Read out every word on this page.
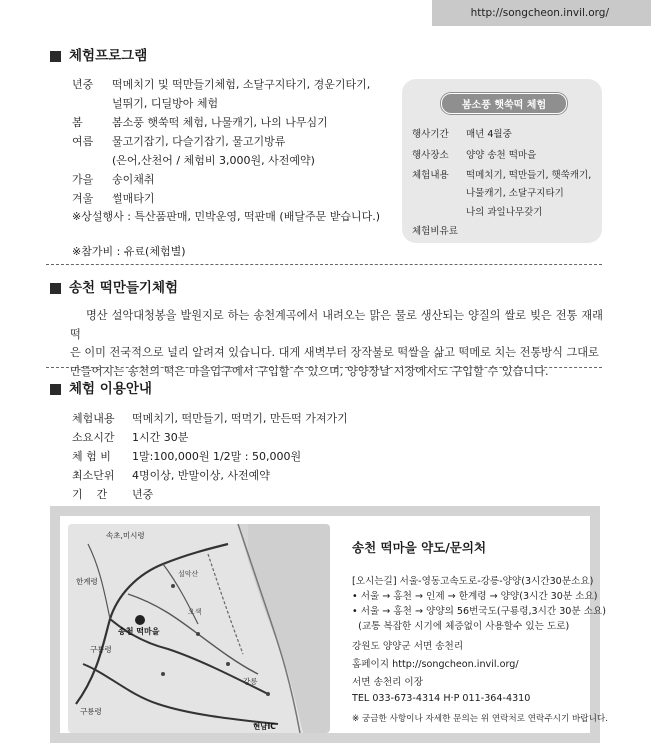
http://songcheon.invil.org/
체험프로그램
년중 떡메치기 및 떡만들기체험, 소달구지타기, 경운기타기,
널뛰기, 디딜방아 체험
봄	봄소풍 햇쑥떡 체험, 나물캐기, 나의 나무심기
여름 물고기잡기, 다슬기잡기, 물고기방류
(은어,산천어 / 체험비 3,000원, 사전예약)
가을 송이채취
겨울 썰매타기
※상설행사 : 특산품판매, 민박운영, 떡판매 (배달주문 받습니다.)
※참가비 : 유료(체험별)
봄소풍 햇쑥떡 체험
행사기간 매년 4월중
행사장소 양양 송천 떡마을
체험내용 떡메치기, 떡만들기, 햇쑥캐기,
나물캐기, 소달구지타기
나의 과일나무갖기
체험비유료
송천 떡만들기체험
명산 설악대청봉을 발원지로 하는 송천계곡에서 내려오는 맑은 물로 생산되는 양질의 쌀로 빚은 전통 재래떡
은 이미 전국적으로 널리 알려져 있습니다. 대게 새벽부터 장작불로 떡쌀을 삶고 떡메로 치는 전통방식 그대로
만들어지는 송천의 떡은 마을입구에서 구입할 수 있으며, 양양장날 시장에서도 구입할 수 있습니다.
체험 이용안내
체험내용 떡메치기, 떡만들기, 떡먹기, 만든떡 가져가기
소요시간 1시간 30분
체 험 비 1말:100,000원 1/2말 : 50,000원
최소단위 4명이상, 반말이상, 사전예약
기    간 년중
속초,미시령
한계령
송천 떡마을
구룡령
구룡령
강릉
현남IC
설악산
오색
송천 떡마을 약도/문의처
[오시는길] 서울-영동고속도로-강릉-양양(3시간30분소요)
• 서울 → 홍천 → 인제 → 한계령 → 양양(3시간 30분 소요)
• 서울 → 홍천 → 양양의 56번국도(구룡령,3시간 30분 소요)
(교통 복잡한 시기에 체증없이 사용할수 있는 도로)
강원도 양양군 서면 송천리
홈페이지 http://songcheon.invil.org/
서면 송천리 이장
TEL 033-673-4314 H·P 011-364-4310
※ 궁금한 사항이나 자세한 문의는 위 연락처로 연락주시기 바랍니다.
